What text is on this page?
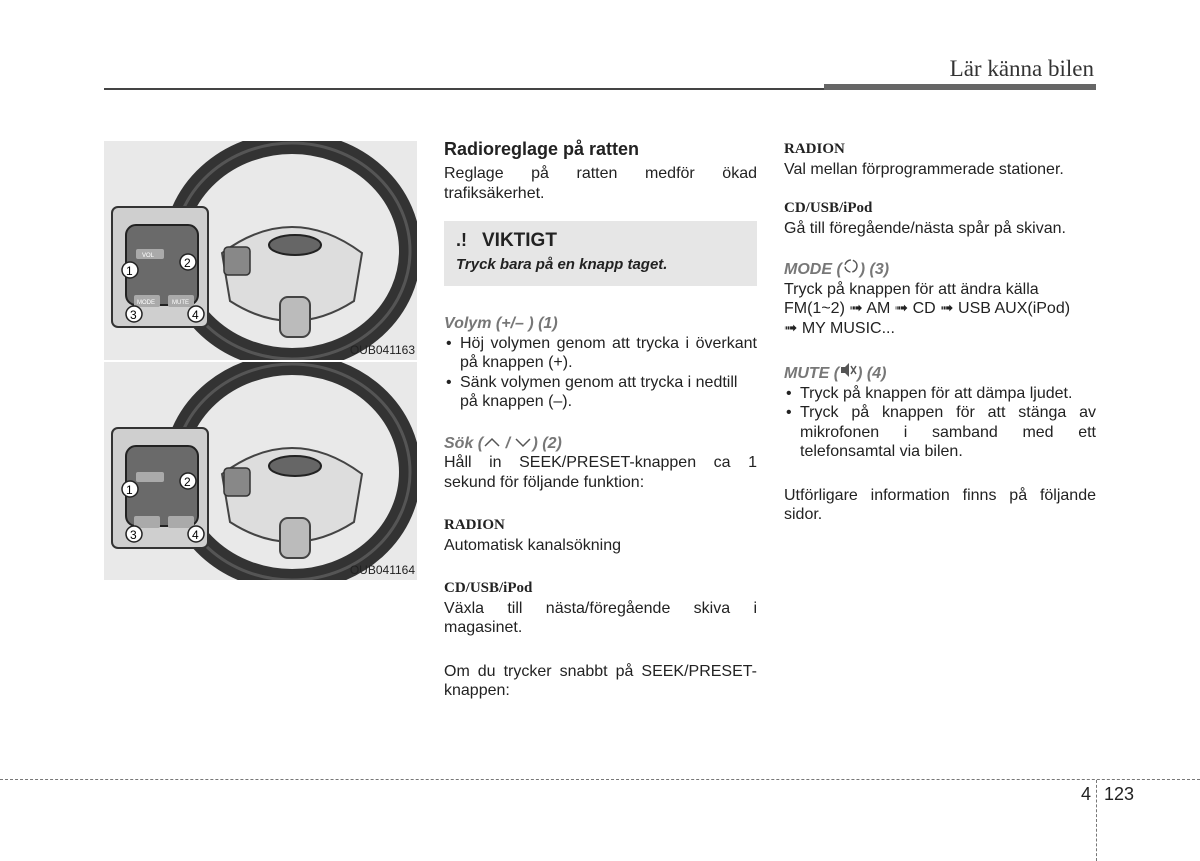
Lär känna bilen
VOL
MODE	MUTE
1
2
3	4
OUB041163
1
2
3	4
OUB041164

Radioreglage på ratten

Reglage på ratten medför ökad trafiksäkerhet.

.! VIKTIGT
Tryck bara på en knapp taget.

Volym (+/– ) (1)

• Höj volymen genom att trycka i överkant på knappen (+).
• Sänk volymen genom att trycka i nedtill på knappen (–).

Sök ( / ) (2)

Håll in SEEK/PRESET-knappen ca 1 sekund för följande funktion:

RADION

Automatisk kanalsökning

CD/USB/iPod

Växla till nästa/föregående skiva i magasinet.

Om du trycker snabbt på SEEK/PRESET-knappen:

RADION

Val mellan förprogrammerade stationer.

CD/USB/iPod

Gå till föregående/nästa spår på skivan.

MODE ( ) (3)

Tryck på knappen för att ändra källa

FM(1~2) ➟ AM ➟ CD ➟ USB AUX(iPod)

➟ MY MUSIC...

MUTE ( ) (4)

• Tryck på knappen för att dämpa ljudet.
• Tryck på knappen för att stänga av mikrofonen i samband med ett telefonsamtal via bilen.

Utförligare information finns på följande sidor.

4 123
